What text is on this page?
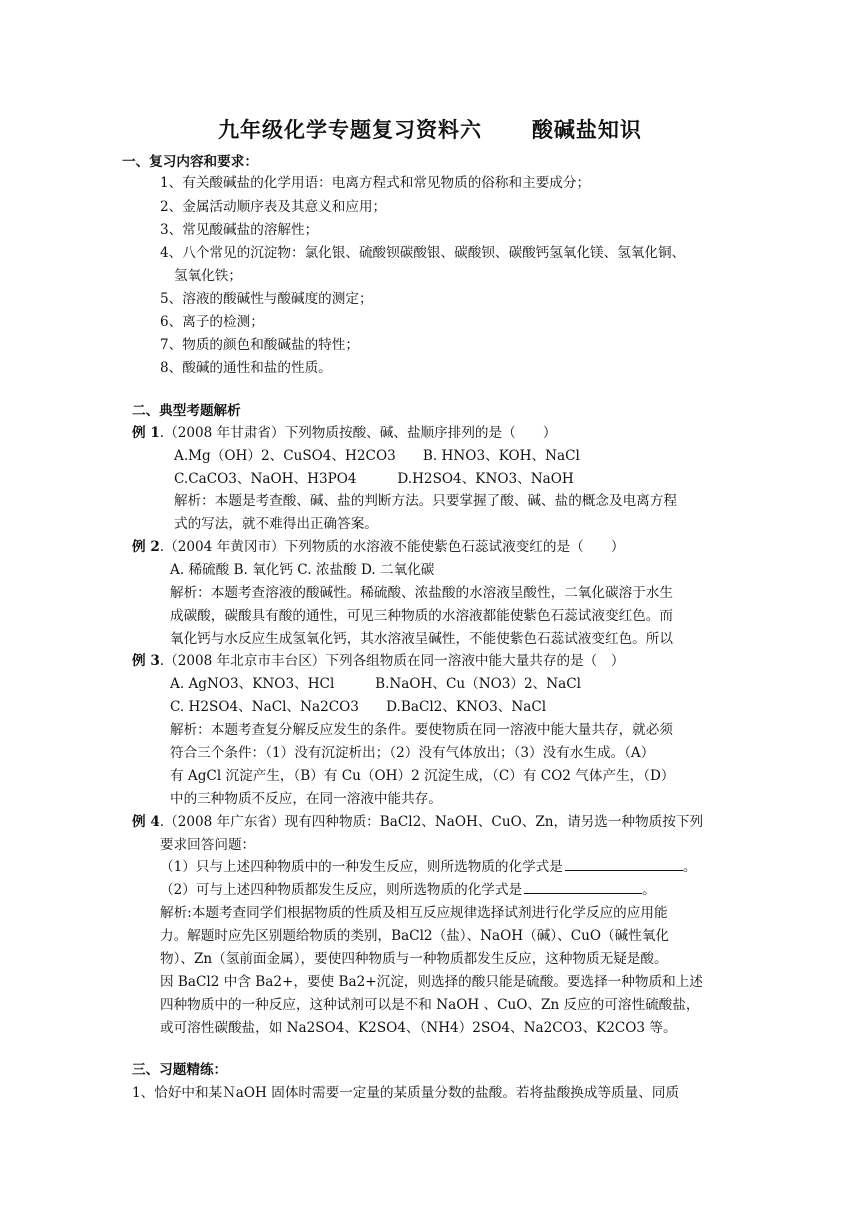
九年级化学专题复习资料六      酸碱盐知识
一、复习内容和要求：
1、有关酸碱盐的化学用语：电离方程式和常见物质的俗称和主要成分；
2、金属活动顺序表及其意义和应用；
3、常见酸碱盐的溶解性；
4、八个常见的沉淀物：氯化银、硫酸钡碳酸银、碳酸钡、碳酸钙氢氧化镁、氢氧化铜、
氢氧化铁；
5、溶液的酸碱性与酸碱度的测定；
6、离子的检测；
7、物质的颜色和酸碱盐的特性；
8、酸碱的通性和盐的性质。
二、典型考题解析
例 1.（2008 年甘肃省）下列物质按酸、碱、盐顺序排列的是（　　）
A.Mg（OH）2、CuSO4、H2CO3　　B. HNO3、KOH、NaCl
C.CaCO3、NaOH、H3PO4　　　D.H2SO4、KNO3、NaOH
解析：本题是考查酸、碱、盐的判断方法。只要掌握了酸、碱、盐的概念及电离方程
式的写法，就不难得出正确答案。
例 2.（2004 年黄冈市）下列物质的水溶液不能使紫色石蕊试液变红的是（　　）
A. 稀硫酸 B. 氧化钙 C. 浓盐酸 D. 二氧化碳
解析：本题考查溶液的酸碱性。稀硫酸、浓盐酸的水溶液呈酸性，二氧化碳溶于水生
成碳酸，碳酸具有酸的通性，可见三种物质的水溶液都能使紫色石蕊试液变红色。而
氧化钙与水反应生成氢氧化钙，其水溶液呈碱性，不能使紫色石蕊试液变红色。所以
例 3.（2008 年北京市丰台区）下列各组物质在同一溶液中能大量共存的是（　）
A. AgNO3、KNO3、HCl　　　B.NaOH、Cu（NO3）2、NaCl
C. H2SO4、NaCl、Na2CO3　　D.BaCl2、KNO3、NaCl
解析：本题考查复分解反应发生的条件。要使物质在同一溶液中能大量共存，就必须
符合三个条件：（1）没有沉淀析出；（2）没有气体放出；（3）没有水生成。（A）
有 AgCl 沉淀产生，（B）有 Cu（OH）2 沉淀生成，（C）有 CO2 气体产生，（D）
中的三种物质不反应，在同一溶液中能共存。
例 4.（2008 年广东省）现有四种物质：BaCl2、NaOH、CuO、Zn，请另选一种物质按下列
要求回答问题：
（1）只与上述四种物质中的一种发生反应，则所选物质的化学式是	。
（2）可与上述四种物质都发生反应，则所选物质的化学式是	。
解析:本题考查同学们根据物质的性质及相互反应规律选择试剂进行化学反应的应用能
力。解题时应先区别题给物质的类别，BaCl2（盐）、NaOH（碱）、CuO（碱性氧化
物）、Zn（氢前面金属），要使四种物质与一种物质都发生反应，这种物质无疑是酸。
因 BaCl2 中含 Ba2+，要使 Ba2+沉淀，则选择的酸只能是硫酸。要选择一种物质和上述
四种物质中的一种反应，这种试剂可以是不和 NaOH 、CuO、Zn 反应的可溶性硫酸盐，
或可溶性碳酸盐，如 Na2SO4、K2SO4、（NH4）2SO4、Na2CO3、K2CO3 等。
三、习题精练：
1、恰好中和某ＮaOH 固体时需要一定量的某质量分数的盐酸。若将盐酸换成等质量、同质
